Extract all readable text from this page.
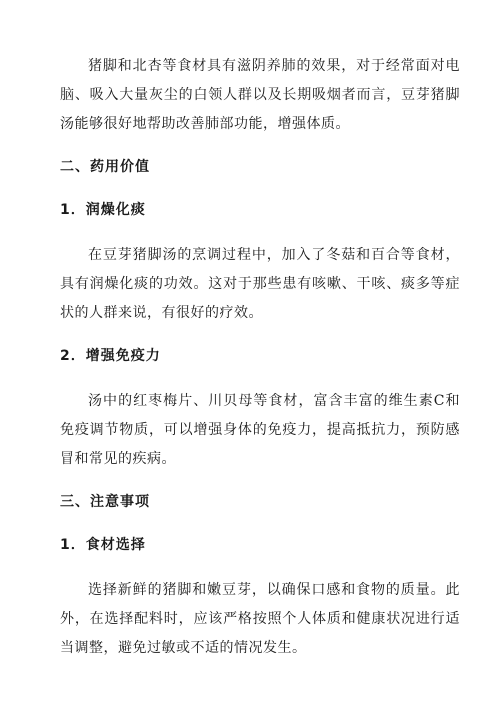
猪脚和北杏等食材具有滋阴养肺的效果，对于经常面对电脑、吸入大量灰尘的白领人群以及长期吸烟者而言，豆芽猪脚汤能够很好地帮助改善肺部功能，增强体质。

二、药用价值

1．润燥化痰

在豆芽猪脚汤的烹调过程中，加入了冬菇和百合等食材，具有润燥化痰的功效。这对于那些患有咳嗽、干咳、痰多等症状的人群来说，有很好的疗效。

2．增强免疫力

汤中的红枣梅片、川贝母等食材，富含丰富的维生素C和免疫调节物质，可以增强身体的免疫力，提高抵抗力，预防感冒和常见的疾病。

三、注意事项

1．食材选择

选择新鲜的猪脚和嫩豆芽，以确保口感和食物的质量。此外，在选择配料时，应该严格按照个人体质和健康状况进行适当调整，避免过敏或不适的情况发生。
